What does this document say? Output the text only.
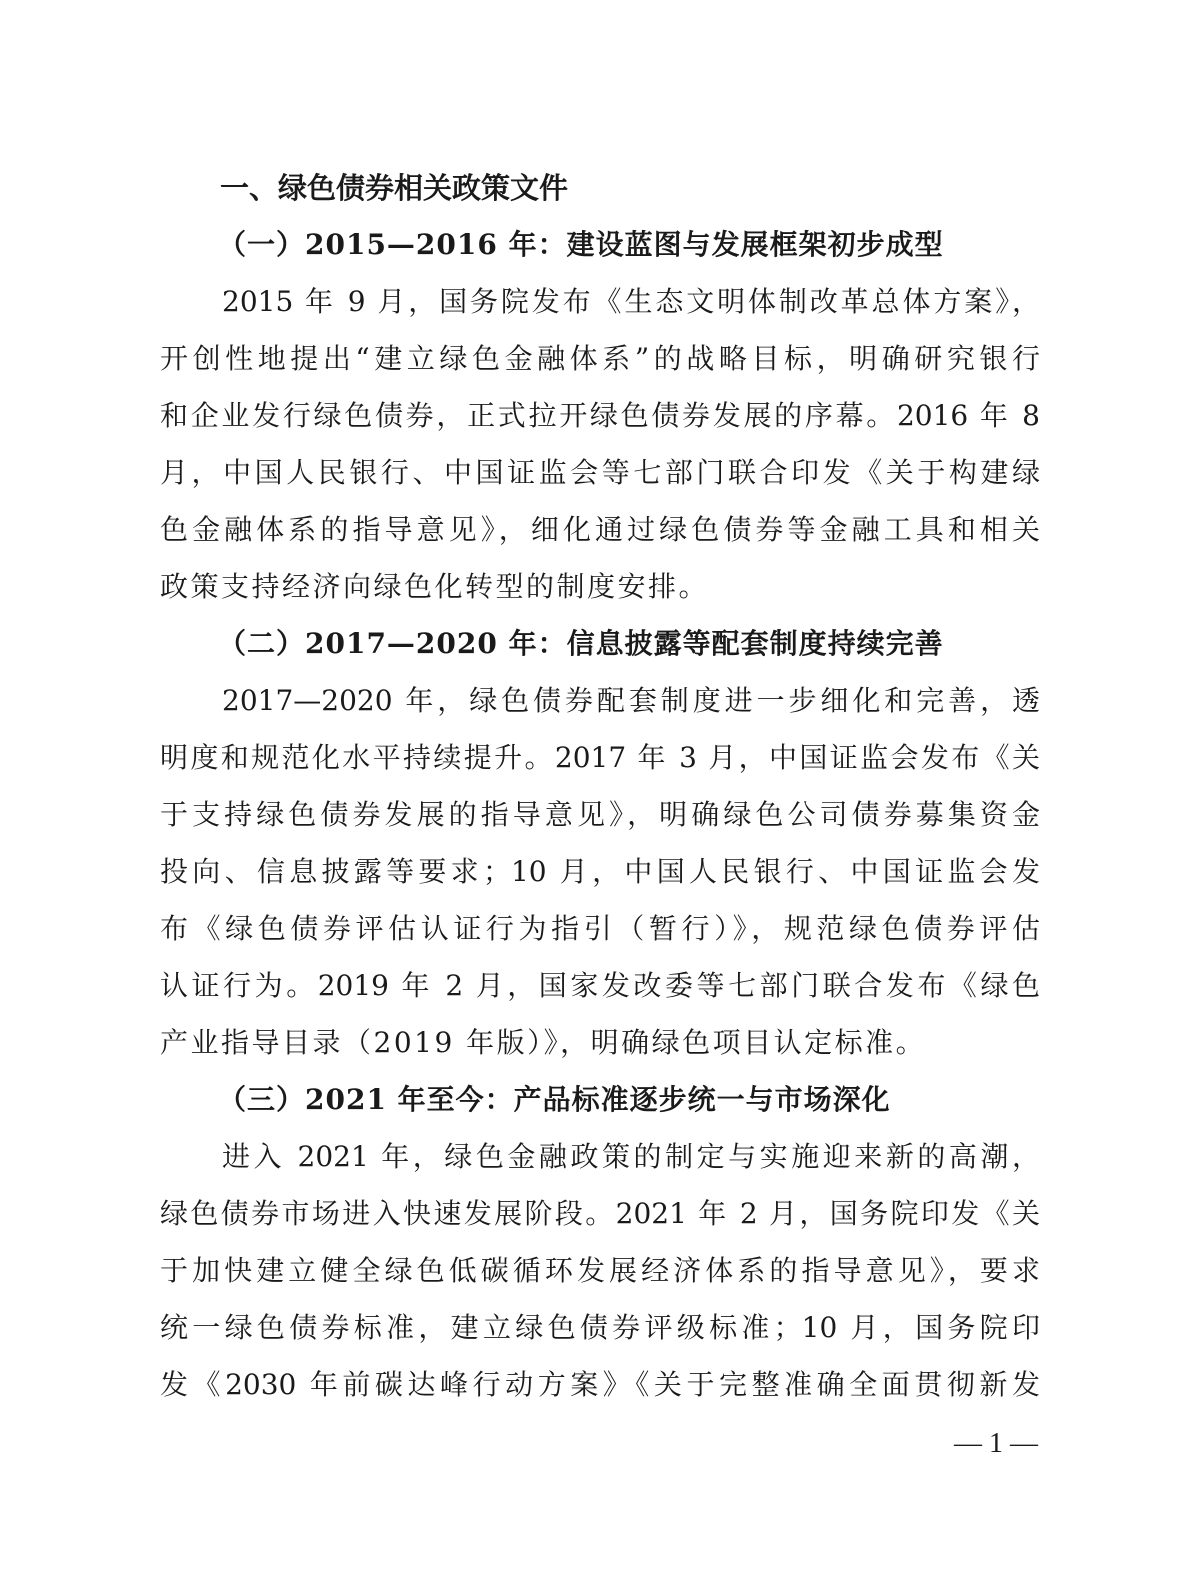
一、绿色债券相关政策文件
（一）2015—2016 年：建设蓝图与发展框架初步成型
2015 年 9 月，国务院发布《生态文明体制改革总体方案》，
开创性地提出“建立绿色金融体系”的战略目标，明确研究银行
和企业发行绿色债券，正式拉开绿色债券发展的序幕。2016 年 8
月，中国人民银行、中国证监会等七部门联合印发《关于构建绿
色金融体系的指导意见》，细化通过绿色债券等金融工具和相关
政策支持经济向绿色化转型的制度安排。
（二）2017—2020 年：信息披露等配套制度持续完善
2017—2020 年，绿色债券配套制度进一步细化和完善，透
明度和规范化水平持续提升。2017 年 3 月，中国证监会发布《关
于支持绿色债券发展的指导意见》，明确绿色公司债券募集资金
投向、信息披露等要求；10 月，中国人民银行、中国证监会发
布《绿色债券评估认证行为指引（暂行）》，规范绿色债券评估
认证行为。2019 年 2 月，国家发改委等七部门联合发布《绿色
产业指导目录（2019 年版）》，明确绿色项目认定标准。
（三）2021 年至今：产品标准逐步统一与市场深化
进入 2021 年，绿色金融政策的制定与实施迎来新的高潮，
绿色债券市场进入快速发展阶段。2021 年 2 月，国务院印发《关
于加快建立健全绿色低碳循环发展经济体系的指导意见》，要求
统一绿色债券标准，建立绿色债券评级标准；10 月，国务院印
发《2030 年前碳达峰行动方案》《关于完整准确全面贯彻新发
— 1 —
